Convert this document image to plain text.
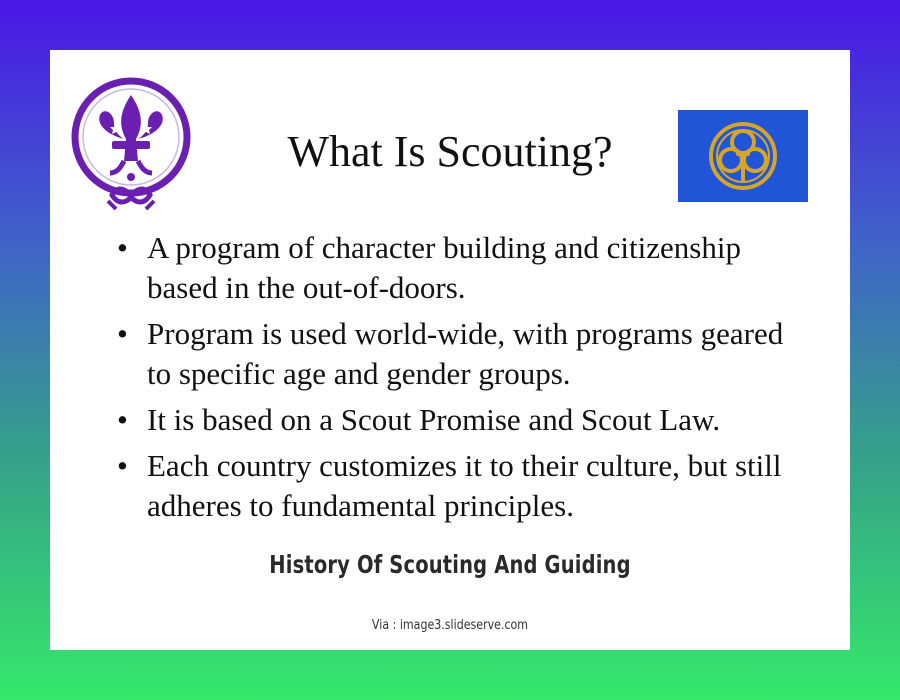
What Is Scouting?
• A program of character building and citizenship based in the out-of-doors.
• Program is used world-wide, with programs geared to specific age and gender groups.
• It is based on a Scout Promise and Scout Law.
• Each country customizes it to their culture, but still adheres to fundamental principles.
History Of Scouting And Guiding
Via : image3.slideserve.com
